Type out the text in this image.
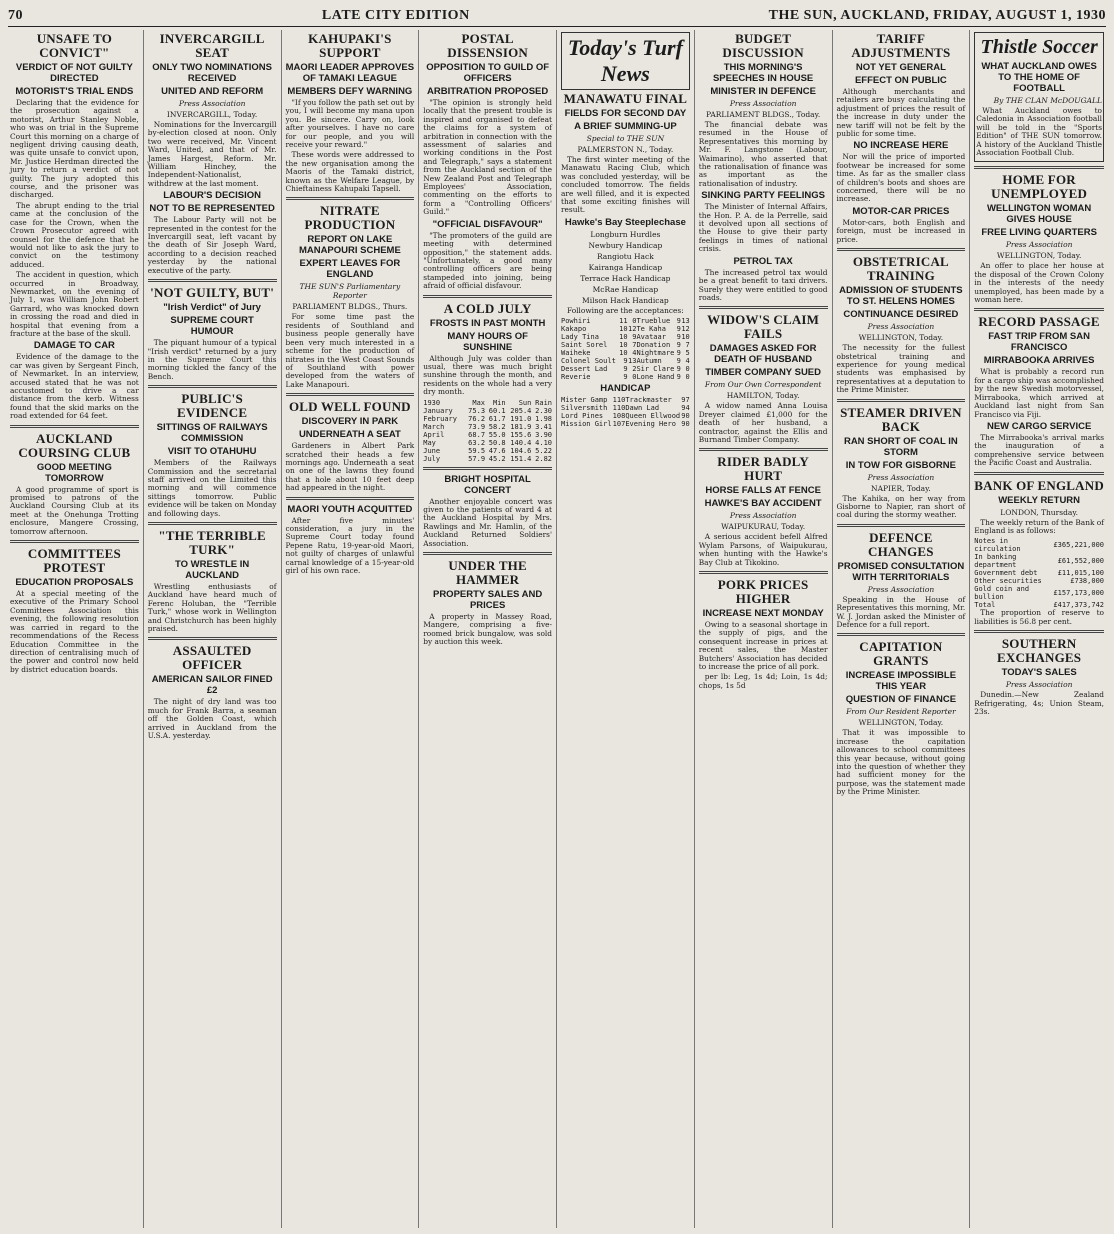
70	LATE CITY EDITION	THE SUN, AUCKLAND, FRIDAY, AUGUST 1, 1930
UNSAFE TO CONVICT"
VERDICT OF NOT GUILTY DIRECTED
MOTORIST'S TRIAL ENDS

Declaring that the evidence for the prosecution against a motorist, Arthur Stanley Noble, who was on trial in the Supreme Court this morning on a charge of negligent driving causing death, was quite unsafe to convict upon, Mr. Justice Herdman directed the jury to return a verdict of not guilty. The jury adopted this course, and the prisoner was discharged.

The abrupt ending to the trial came at the conclusion of the case for the Crown, when the Crown Prosecutor agreed with counsel for the defence that he would not like to ask the jury to convict on the testimony adduced.

The accident in question, which occurred in Broadway, Newmarket, on the evening of July 1, was William John Robert Garrard, who was knocked down in crossing the road and died in hospital that evening from a fracture at the base of the skull.

DAMAGE TO CAR

Evidence of the damage to the car was given by Sergeant Finch, of Newmarket. In an interview, accused stated that he was not accustomed to drive a car distance from the kerb. Witness found that the skid marks on the road extended for 64 feet.

AUCKLAND COURSING CLUB
GOOD MEETING TOMORROW

A good programme of sport is promised to patrons of the Auckland Coursing Club at its meet at the Onehunga Trotting enclosure, Mangere Crossing, tomorrow afternoon.

COMMITTEES PROTEST
EDUCATION PROPOSALS

At a special meeting of the executive of the Primary School Committees Association this evening, the following resolution was carried in regard to the recommendations of the Recess Education Committee in the direction of centralising much of the power and control now held by district education boards.

INVERCARGILL SEAT
ONLY TWO NOMINATIONS RECEIVED
UNITED AND REFORM
Press Association
INVERCARGILL, Today.

Nominations for the Invercargill by-election closed at noon. Only two were received, Mr. Vincent Ward, United, and that of Mr. James Hargest, Reform. Mr. William Hinchey, the Independent-Nationalist, withdrew at the last moment.

LABOUR'S DECISION
NOT TO BE REPRESENTED

The Labour Party will not be represented in the contest for the Invercargill seat, left vacant by the death of Sir Joseph Ward, according to a decision reached yesterday by the national executive of the party.

'NOT GUILTY, BUT'
"Irish Verdict" of Jury
SUPREME COURT HUMOUR

The piquant humour of a typical "Irish verdict" returned by a jury in the Supreme Court this morning tickled the fancy of the Bench.

PUBLIC'S EVIDENCE
SITTINGS OF RAILWAYS COMMISSION
VISIT TO OTAHUHU

Members of the Railways Commission and the secretarial staff arrived on the Limited this morning and will commence sittings tomorrow. Public evidence will be taken on Monday and following days.

"THE TERRIBLE TURK"
TO WRESTLE IN AUCKLAND

Wrestling enthusiasts of Auckland have heard much of Ferenc Holuban, the "Terrible Turk," whose work in Wellington and Christchurch has been highly praised.

ASSAULTED OFFICER
AMERICAN SAILOR FINED £2

The night of dry land was too much for Frank Barra, a seaman off the Golden Coast, which arrived in Auckland from the U.S.A. yesterday.

KAHUPAKI'S SUPPORT
MAORI LEADER APPROVES OF TAMAKI LEAGUE
MEMBERS DEFY WARNING

"If you follow the path set out by you, I will become my mana upon you. Be sincere. Carry on, look after yourselves. I have no care for our people, and you will receive your reward."

These words were addressed to the new organisation among the Maoris of the Tamaki district, known as the Welfare League, by Chieftainess Kahupaki Tapsell.

NITRATE PRODUCTION
REPORT ON LAKE MANAPOURI SCHEME
EXPERT LEAVES FOR ENGLAND
THE SUN'S Parliamentary Reporter
PARLIAMENT BLDGS., Thurs.

For some time past the residents of Southland and business people generally have been very much interested in a scheme for the production of nitrates in the West Coast Sounds of Southland with power developed from the waters of Lake Manapouri.

OLD WELL FOUND
DISCOVERY IN PARK
UNDERNEATH A SEAT

Gardeners in Albert Park scratched their heads a few mornings ago. Underneath a seat on one of the lawns they found that a hole about 10 feet deep had appeared in the night.

MAORI YOUTH ACQUITTED

After five minutes' consideration, a jury in the Supreme Court today found Pepene Ratu, 19-year-old Maori, not guilty of charges of unlawful carnal knowledge of a 15-year-old girl of his own race.

POSTAL DISSENSION
OPPOSITION TO GUILD OF OFFICERS
ARBITRATION PROPOSED

"The opinion is strongly held locally that the present trouble is inspired and organised to defeat the claims for a system of arbitration in connection with the assessment of salaries and working conditions in the Post and Telegraph," says a statement from the Auckland section of the New Zealand Post and Telegraph Employees' Association, commenting on the efforts to form a "Controlling Officers' Guild."

"OFFICIAL DISFAVOUR"

"The promoters of the guild are meeting with determined opposition," the statement adds. "Unfortunately, a good many controlling officers are being stampeded into joining, being afraid of official disfavour.

A COLD JULY
FROSTS IN PAST MONTH
MANY HOURS OF SUNSHINE

Although July was colder than usual, there was much bright sunshine through the month, and residents on the whole had a very dry month.

1930	Max	Min	Sun	Rain
January	75.3	60.1	205.4	2.30
February	76.2	61.7	191.0	1.98
March	73.9	58.2	181.9	3.41
April	68.7	55.0	155.6	3.90
May	63.2	50.8	140.4	4.10
June	59.5	47.6	104.6	5.22
July	57.9	45.2	151.4	2.82
BRIGHT HOSPITAL CONCERT

Another enjoyable concert was given to the patients of ward 4 at the Auckland Hospital by Mrs. Rawlings and Mr. Hamlin, of the Auckland Returned Soldiers' Association.

UNDER THE HAMMER
PROPERTY SALES AND PRICES

A property in Massey Road, Mangere, comprising a five-roomed brick bungalow, was sold by auction this week.

Today's Turf News
MANAWATU FINAL
FIELDS FOR SECOND DAY
A BRIEF SUMMING-UP
Special to THE SUN
PALMERSTON N., Today.

The first winter meeting of the Manawatu Racing Club, which was concluded yesterday, will be concluded tomorrow. The fields are well filled, and it is expected that some exciting finishes will result.

Hawke's Bay Steeplechase
Longburn Hurdles
Newbury Handicap
Rangiotu Hack
Kairanga Handicap
Terrace Hack Handicap
McRae Handicap
Milson Hack Handicap

Following are the acceptances:

Powhiri	11	0	Trueblue	9	13
Kakapo	10	12	Te Kaha	9	12
Lady Tina	10	9	Avataar	9	10
Saint Sorel	10	7	Donation	9	7
Waiheke	10	4	Nightmare	9	5
Colonel Soult	9	13	Autumn	9	4
Dessert Lad	9	2	Sir Clare	9	0
Reverie	9	0	Lone Hand	9	0
HANDICAP
Mister Gamp	11	0	Trackmaster	9	7
Silversmith	11	0	Dawn Lad	9	4
Lord Pines	10	8	Queen Ellwood	9	0
Mission Girl	10	7	Evening Hero	9	0
BUDGET DISCUSSION
THIS MORNING'S SPEECHES IN HOUSE
MINISTER IN DEFENCE
Press Association
PARLIAMENT BLDGS., Today.

The financial debate was resumed in the House of Representatives this morning by Mr. F. Langstone (Labour, Waimarino), who asserted that the rationalisation of finance was as important as the rationalisation of industry.

SINKING PARTY FEELINGS

The Minister of Internal Affairs, the Hon. P. A. de la Perrelle, said it devolved upon all sections of the House to give their party feelings in times of national crisis.

PETROL TAX

The increased petrol tax would be a great benefit to taxi drivers. Surely they were entitled to good roads.

WIDOW'S CLAIM FAILS
DAMAGES ASKED FOR DEATH OF HUSBAND
TIMBER COMPANY SUED
From Our Own Correspondent
HAMILTON, Today.

A widow named Anna Louisa Dreyer claimed £1,000 for the death of her husband, a contractor, against the Ellis and Burnand Timber Company.

RIDER BADLY HURT
HORSE FALLS AT FENCE
HAWKE'S BAY ACCIDENT
Press Association
WAIPUKURAU, Today.

A serious accident befell Alfred Wylam Parsons, of Waipukurau, when hunting with the Hawke's Bay Club at Tikokino.

PORK PRICES HIGHER
INCREASE NEXT MONDAY

Owing to a seasonal shortage in the supply of pigs, and the consequent increase in prices at recent sales, the Master Butchers' Association has decided to increase the price of all pork.

per lb: Leg, 1s 4d; Loin, 1s 4d; chops, 1s 5d

TARIFF ADJUSTMENTS
NOT YET GENERAL
EFFECT ON PUBLIC

Although merchants and retailers are busy calculating the adjustment of prices the result of the increase in duty under the new tariff will not be felt by the public for some time.

NO INCREASE HERE

Nor will the price of imported footwear be increased for some time. As far as the smaller class of children's boots and shoes are concerned, there will be no increase.

MOTOR-CAR PRICES

Motor-cars, both English and foreign, must be increased in price.

OBSTETRICAL TRAINING
ADMISSION OF STUDENTS TO ST. HELENS HOMES
CONTINUANCE DESIRED
Press Association
WELLINGTON, Today.

The necessity for the fullest obstetrical training and experience for young medical students was emphasised by representatives at a deputation to the Prime Minister.

STEAMER DRIVEN BACK
RAN SHORT OF COAL IN STORM
IN TOW FOR GISBORNE
Press Association
NAPIER, Today.

The Kahika, on her way from Gisborne to Napier, ran short of coal during the stormy weather.

DEFENCE CHANGES
PROMISED CONSULTATION WITH TERRITORIALS
Press Association

Speaking in the House of Representatives this morning, Mr. W. J. Jordan asked the Minister of Defence for a full report.

CAPITATION GRANTS
INCREASE IMPOSSIBLE THIS YEAR
QUESTION OF FINANCE
From Our Resident Reporter
WELLINGTON, Today.

That it was impossible to increase the capitation allowances to school committees this year because, without going into the question of whether they had sufficient money for the purpose, was the statement made by the Prime Minister.

Thistle Soccer
WHAT AUCKLAND OWES TO THE HOME OF FOOTBALL
By THE CLAN McDOUGALL

What Auckland owes to Caledonia in Association football will be told in the "Sports Edition" of THE SUN tomorrow. A history of the Auckland Thistle Association Football Club.

HOME FOR UNEMPLOYED
WELLINGTON WOMAN GIVES HOUSE
FREE LIVING QUARTERS
Press Association
WELLINGTON, Today.

An offer to place her house at the disposal of the Crown Colony in the interests of the needy unemployed, has been made by a woman here.

RECORD PASSAGE
FAST TRIP FROM SAN FRANCISCO
MIRRABOOKA ARRIVES

What is probably a record run for a cargo ship was accomplished by the new Swedish motorvessel, Mirrabooka, which arrived at Auckland last night from San Francisco via Fiji.

NEW CARGO SERVICE

The Mirrabooka's arrival marks the inauguration of a comprehensive service between the Pacific Coast and Australia.

BANK OF ENGLAND
WEEKLY RETURN
LONDON, Thursday.

The weekly return of the Bank of England is as follows:

Notes in circulation	£365,221,000
In banking department	£61,552,000
Government debt	£11,015,100
Other securities	£738,000
Gold coin and bullion	£157,173,000
Total	£417,373,742

The proportion of reserve to liabilities is 56.8 per cent.

SOUTHERN EXCHANGES
TODAY'S SALES
Press Association

Dunedin.—New Zealand Refrigerating, 4s; Union Steam, 23s.
